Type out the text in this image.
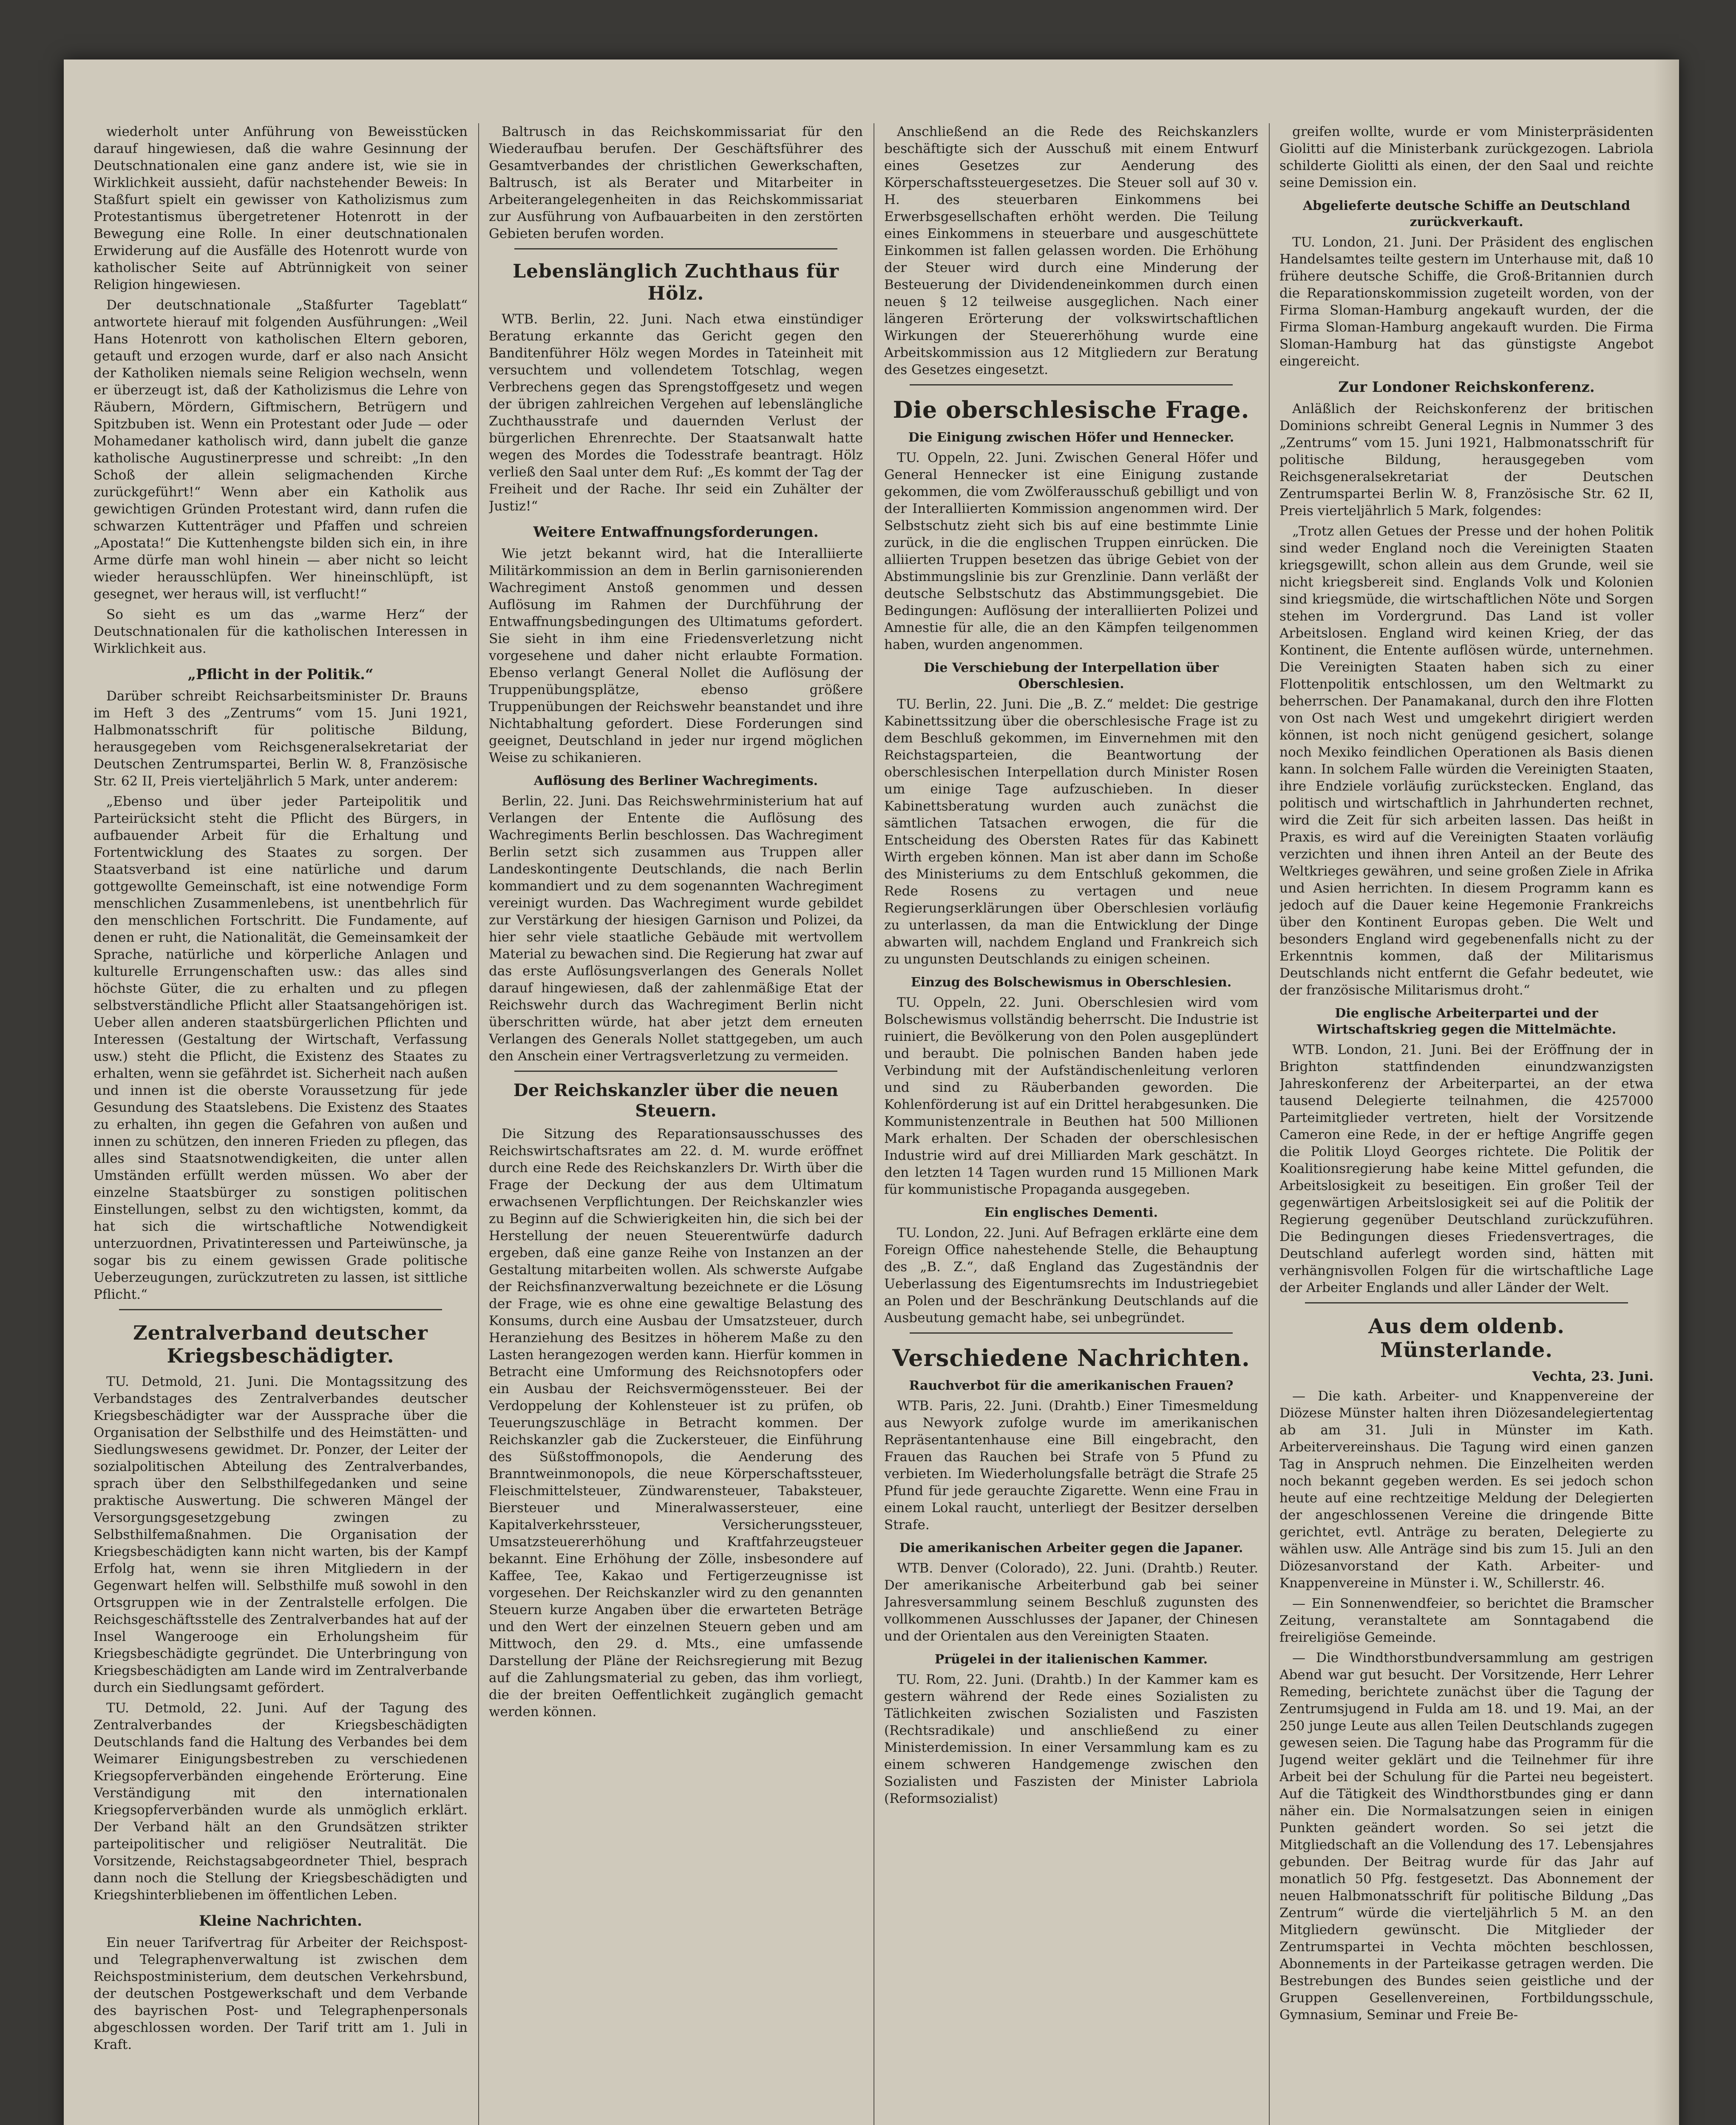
wiederholt unter Anführung von Beweisstücken darauf hingewiesen, daß die wahre Gesinnung der Deutschnationalen eine ganz andere ist, wie sie in Wirklichkeit aussieht, dafür nachstehender Beweis: In Staßfurt spielt ein gewisser von Katholizismus zum Protestantismus übergetretener Hotenrott in der Bewegung eine Rolle. In einer deutschnationalen Erwiderung auf die Ausfälle des Hotenrott wurde von katholischer Seite auf Abtrünnigkeit von seiner Religion hingewiesen.

Der deutschnationale „Staßfurter Tageblatt“ antwortete hierauf mit folgenden Ausführungen: „Weil Hans Hotenrott von katholischen Eltern geboren, getauft und erzogen wurde, darf er also nach Ansicht der Katholiken niemals seine Religion wechseln, wenn er überzeugt ist, daß der Katholizismus die Lehre von Räubern, Mördern, Giftmischern, Betrügern und Spitzbuben ist. Wenn ein Protestant oder Jude — oder Mohamedaner katholisch wird, dann jubelt die ganze katholische Augustinerpresse und schreibt: „In den Schoß der allein seligmachenden Kirche zurückgeführt!“ Wenn aber ein Katholik aus gewichtigen Gründen Protestant wird, dann rufen die schwarzen Kuttenträger und Pfaffen und schreien „Apostata!“ Die Kuttenhengste bilden sich ein, in ihre Arme dürfe man wohl hinein — aber nicht so leicht wieder herausschlüpfen. Wer hineinschlüpft, ist gesegnet, wer heraus will, ist verflucht!“

So sieht es um das „warme Herz“ der Deutschnationalen für die katholischen Interessen in Wirklichkeit aus.

„Pflicht in der Politik.“

Darüber schreibt Reichsarbeitsminister Dr. Brauns im Heft 3 des „Zentrums“ vom 15. Juni 1921, Halbmonatsschrift für politische Bildung, herausgegeben vom Reichsgeneralsekretariat der Deutschen Zentrumspartei, Berlin W. 8, Französische Str. 62 II, Preis vierteljährlich 5 Mark, unter anderem:

„Ebenso und über jeder Parteipolitik und Parteirücksicht steht die Pflicht des Bürgers, in aufbauender Arbeit für die Erhaltung und Fortentwicklung des Staates zu sorgen. Der Staatsverband ist eine natürliche und darum gottgewollte Gemeinschaft, ist eine notwendige Form menschlichen Zusammenlebens, ist unentbehrlich für den menschlichen Fortschritt. Die Fundamente, auf denen er ruht, die Nationalität, die Gemeinsamkeit der Sprache, natürliche und körperliche Anlagen und kulturelle Errungenschaften usw.: das alles sind höchste Güter, die zu erhalten und zu pflegen selbstverständliche Pflicht aller Staatsangehörigen ist. Ueber allen anderen staatsbürgerlichen Pflichten und Interessen (Gestaltung der Wirtschaft, Verfassung usw.) steht die Pflicht, die Existenz des Staates zu erhalten, wenn sie gefährdet ist. Sicherheit nach außen und innen ist die oberste Voraussetzung für jede Gesundung des Staatslebens. Die Existenz des Staates zu erhalten, ihn gegen die Gefahren von außen und innen zu schützen, den inneren Frieden zu pflegen, das alles sind Staatsnotwendigkeiten, die unter allen Umständen erfüllt werden müssen. Wo aber der einzelne Staatsbürger zu sonstigen politischen Einstellungen, selbst zu den wichtigsten, kommt, da hat sich die wirtschaftliche Notwendigkeit unterzuordnen, Privatinteressen und Parteiwünsche, ja sogar bis zu einem gewissen Grade politische Ueberzeugungen, zurückzutreten zu lassen, ist sittliche Pflicht.“

Zentralverband deutscher Kriegsbeschädigter.

TU. Detmold, 21. Juni. Die Montagssitzung des Verbandstages des Zentralverbandes deutscher Kriegsbeschädigter war der Aussprache über die Organisation der Selbsthilfe und des Heimstätten- und Siedlungswesens gewidmet. Dr. Ponzer, der Leiter der sozialpolitischen Abteilung des Zentralverbandes, sprach über den Selbsthilfegedanken und seine praktische Auswertung. Die schweren Mängel der Versorgungsgesetzgebung zwingen zu Selbsthilfemaßnahmen. Die Organisation der Kriegsbeschädigten kann nicht warten, bis der Kampf Erfolg hat, wenn sie ihren Mitgliedern in der Gegenwart helfen will. Selbsthilfe muß sowohl in den Ortsgruppen wie in der Zentralstelle erfolgen. Die Reichsgeschäftsstelle des Zentralverbandes hat auf der Insel Wangerooge ein Erholungsheim für Kriegsbeschädigte gegründet. Die Unterbringung von Kriegsbeschädigten am Lande wird im Zentralverbande durch ein Siedlungsamt gefördert.

TU. Detmold, 22. Juni. Auf der Tagung des Zentralverbandes der Kriegsbeschädigten Deutschlands fand die Haltung des Verbandes bei dem Weimarer Einigungsbestreben zu verschiedenen Kriegsopferverbänden eingehende Erörterung. Eine Verständigung mit den internationalen Kriegsopferverbänden wurde als unmöglich erklärt. Der Verband hält an den Grundsätzen strikter parteipolitischer und religiöser Neutralität. Die Vorsitzende, Reichstagsabgeordneter Thiel, besprach dann noch die Stellung der Kriegsbeschädigten und Kriegshinterbliebenen im öffentlichen Leben.

Kleine Nachrichten.

Ein neuer Tarifvertrag für Arbeiter der Reichspost- und Telegraphenverwaltung ist zwischen dem Reichspostministerium, dem deutschen Verkehrsbund, der deutschen Postgewerkschaft und dem Verbande des bayrischen Post- und Telegraphenpersonals abgeschlossen worden. Der Tarif tritt am 1. Juli in Kraft.

Baltrusch in das Reichskommissariat für den Wiederaufbau berufen. Der Geschäftsführer des Gesamtverbandes der christlichen Gewerkschaften, Baltrusch, ist als Berater und Mitarbeiter in Arbeiterangelegenheiten in das Reichskommissariat zur Ausführung von Aufbauarbeiten in den zerstörten Gebieten berufen worden.

Lebenslänglich Zuchthaus für Hölz.

WTB. Berlin, 22. Juni. Nach etwa einstündiger Beratung erkannte das Gericht gegen den Banditenführer Hölz wegen Mordes in Tateinheit mit versuchtem und vollendetem Totschlag, wegen Verbrechens gegen das Sprengstoffgesetz und wegen der übrigen zahlreichen Vergehen auf lebenslängliche Zuchthausstrafe und dauernden Verlust der bürgerlichen Ehrenrechte. Der Staatsanwalt hatte wegen des Mordes die Todesstrafe beantragt. Hölz verließ den Saal unter dem Ruf: „Es kommt der Tag der Freiheit und der Rache. Ihr seid ein Zuhälter der Justiz!“

Weitere Entwaffnungsforderungen.

Wie jetzt bekannt wird, hat die Interalliierte Militärkommission an dem in Berlin garnisonierenden Wachregiment Anstoß genommen und dessen Auflösung im Rahmen der Durchführung der Entwaffnungsbedingungen des Ultimatums gefordert. Sie sieht in ihm eine Friedensverletzung nicht vorgesehene und daher nicht erlaubte Formation. Ebenso verlangt General Nollet die Auflösung der Truppenübungsplätze, ebenso größere Truppenübungen der Reichswehr beanstandet und ihre Nichtabhaltung gefordert. Diese Forderungen sind geeignet, Deutschland in jeder nur irgend möglichen Weise zu schikanieren.

Auflösung des Berliner Wachregiments.

Berlin, 22. Juni. Das Reichswehrministerium hat auf Verlangen der Entente die Auflösung des Wachregiments Berlin beschlossen. Das Wachregiment Berlin setzt sich zusammen aus Truppen aller Landeskontingente Deutschlands, die nach Berlin kommandiert und zu dem sogenannten Wachregiment vereinigt wurden. Das Wachregiment wurde gebildet zur Verstärkung der hiesigen Garnison und Polizei, da hier sehr viele staatliche Gebäude mit wertvollem Material zu bewachen sind. Die Regierung hat zwar auf das erste Auflösungsverlangen des Generals Nollet darauf hingewiesen, daß der zahlenmäßige Etat der Reichswehr durch das Wachregiment Berlin nicht überschritten würde, hat aber jetzt dem erneuten Verlangen des Generals Nollet stattgegeben, um auch den Anschein einer Vertragsverletzung zu vermeiden.

Der Reichskanzler über die neuen Steuern.

Die Sitzung des Reparationsausschusses des Reichswirtschaftsrates am 22. d. M. wurde eröffnet durch eine Rede des Reichskanzlers Dr. Wirth über die Frage der Deckung der aus dem Ultimatum erwachsenen Verpflichtungen. Der Reichskanzler wies zu Beginn auf die Schwierigkeiten hin, die sich bei der Herstellung der neuen Steuerentwürfe dadurch ergeben, daß eine ganze Reihe von Instanzen an der Gestaltung mitarbeiten wollen. Als schwerste Aufgabe der Reichsfinanzverwaltung bezeichnete er die Lösung der Frage, wie es ohne eine gewaltige Belastung des Konsums, durch eine Ausbau der Umsatzsteuer, durch Heranziehung des Besitzes in höherem Maße zu den Lasten herangezogen werden kann. Hierfür kommen in Betracht eine Umformung des Reichsnotopfers oder ein Ausbau der Reichsvermögenssteuer. Bei der Verdoppelung der Kohlensteuer ist zu prüfen, ob Teuerungszuschläge in Betracht kommen. Der Reichskanzler gab die Zuckersteuer, die Einführung des Süßstoffmonopols, die Aenderung des Branntweinmonopols, die neue Körperschaftssteuer, Fleischmittelsteuer, Zündwarensteuer, Tabaksteuer, Biersteuer und Mineralwassersteuer, eine Kapitalverkehrssteuer, Versicherungssteuer, Umsatzsteuererhöhung und Kraftfahrzeugsteuer bekannt. Eine Erhöhung der Zölle, insbesondere auf Kaffee, Tee, Kakao und Fertigerzeugnisse ist vorgesehen. Der Reichskanzler wird zu den genannten Steuern kurze Angaben über die erwarteten Beträge und den Wert der einzelnen Steuern geben und am Mittwoch, den 29. d. Mts., eine umfassende Darstellung der Pläne der Reichsregierung mit Bezug auf die Zahlungsmaterial zu geben, das ihm vorliegt, die der breiten Oeffentlichkeit zugänglich gemacht werden können.

Anschließend an die Rede des Reichskanzlers beschäftigte sich der Ausschuß mit einem Entwurf eines Gesetzes zur Aenderung des Körperschaftssteuergesetzes. Die Steuer soll auf 30 v. H. des steuerbaren Einkommens bei Erwerbsgesellschaften erhöht werden. Die Teilung eines Einkommens in steuerbare und ausgeschüttete Einkommen ist fallen gelassen worden. Die Erhöhung der Steuer wird durch eine Minderung der Besteuerung der Dividendeneinkommen durch einen neuen § 12 teilweise ausgeglichen. Nach einer längeren Erörterung der volkswirtschaftlichen Wirkungen der Steuererhöhung wurde eine Arbeitskommission aus 12 Mitgliedern zur Beratung des Gesetzes eingesetzt.

Die oberschlesische Frage.
Die Einigung zwischen Höfer und Hennecker.

TU. Oppeln, 22. Juni. Zwischen General Höfer und General Hennecker ist eine Einigung zustande gekommen, die vom Zwölferausschuß gebilligt und von der Interalliierten Kommission angenommen wird. Der Selbstschutz zieht sich bis auf eine bestimmte Linie zurück, in die die englischen Truppen einrücken. Die alliierten Truppen besetzen das übrige Gebiet von der Abstimmungslinie bis zur Grenzlinie. Dann verläßt der deutsche Selbstschutz das Abstimmungsgebiet. Die Bedingungen: Auflösung der interalliierten Polizei und Amnestie für alle, die an den Kämpfen teilgenommen haben, wurden angenommen.

Die Verschiebung der Interpellation über Oberschlesien.

TU. Berlin, 22. Juni. Die „B. Z.“ meldet: Die gestrige Kabinettssitzung über die oberschlesische Frage ist zu dem Beschluß gekommen, im Einvernehmen mit den Reichstagsparteien, die Beantwortung der oberschlesischen Interpellation durch Minister Rosen um einige Tage aufzuschieben. In dieser Kabinettsberatung wurden auch zunächst die sämtlichen Tatsachen erwogen, die für die Entscheidung des Obersten Rates für das Kabinett Wirth ergeben können. Man ist aber dann im Schoße des Ministeriums zu dem Entschluß gekommen, die Rede Rosens zu vertagen und neue Regierungserklärungen über Oberschlesien vorläufig zu unterlassen, da man die Entwicklung der Dinge abwarten will, nachdem England und Frankreich sich zu ungunsten Deutschlands zu einigen scheinen.

Einzug des Bolschewismus in Oberschlesien.

TU. Oppeln, 22. Juni. Oberschlesien wird vom Bolschewismus vollständig beherrscht. Die Industrie ist ruiniert, die Bevölkerung von den Polen ausgeplündert und beraubt. Die polnischen Banden haben jede Verbindung mit der Aufständischenleitung verloren und sind zu Räuberbanden geworden. Die Kohlenförderung ist auf ein Drittel herabgesunken. Die Kommunistenzentrale in Beuthen hat 500 Millionen Mark erhalten. Der Schaden der oberschlesischen Industrie wird auf drei Milliarden Mark geschätzt. In den letzten 14 Tagen wurden rund 15 Millionen Mark für kommunistische Propaganda ausgegeben.

Ein englisches Dementi.

TU. London, 22. Juni. Auf Befragen erklärte eine dem Foreign Office nahestehende Stelle, die Behauptung des „B. Z.“, daß England das Zugeständnis der Ueberlassung des Eigentumsrechts im Industriegebiet an Polen und der Beschränkung Deutschlands auf die Ausbeutung gemacht habe, sei unbegründet.

Verschiedene Nachrichten.
Rauchverbot für die amerikanischen Frauen?

WTB. Paris, 22. Juni. (Drahtb.) Einer Timesmeldung aus Newyork zufolge wurde im amerikanischen Repräsentantenhause eine Bill eingebracht, den Frauen das Rauchen bei Strafe von 5 Pfund zu verbieten. Im Wiederholungsfalle beträgt die Strafe 25 Pfund für jede gerauchte Zigarette. Wenn eine Frau in einem Lokal raucht, unterliegt der Besitzer derselben Strafe.

Die amerikanischen Arbeiter gegen die Japaner.

WTB. Denver (Colorado), 22. Juni. (Drahtb.) Reuter. Der amerikanische Arbeiterbund gab bei seiner Jahresversammlung seinem Beschluß zugunsten des vollkommenen Ausschlusses der Japaner, der Chinesen und der Orientalen aus den Vereinigten Staaten.

Prügelei in der italienischen Kammer.

TU. Rom, 22. Juni. (Drahtb.) In der Kammer kam es gestern während der Rede eines Sozialisten zu Tätlichkeiten zwischen Sozialisten und Faszisten (Rechtsradikale) und anschließend zu einer Ministerdemission. In einer Versammlung kam es zu einem schweren Handgemenge zwischen den Sozialisten und Faszisten der Minister Labriola (Reformsozialist)

greifen wollte, wurde er vom Ministerpräsidenten Giolitti auf die Ministerbank zurückgezogen. Labriola schilderte Giolitti als einen, der den Saal und reichte seine Demission ein.

Abgelieferte deutsche Schiffe an Deutschland zurückverkauft.

TU. London, 21. Juni. Der Präsident des englischen Handelsamtes teilte gestern im Unterhause mit, daß 10 frühere deutsche Schiffe, die Groß-Britannien durch die Reparationskommission zugeteilt worden, von der Firma Sloman-Hamburg angekauft wurden, der die Firma Sloman-Hamburg angekauft wurden. Die Firma Sloman-Hamburg hat das günstigste Angebot eingereicht.

Zur Londoner Reichskonferenz.

Anläßlich der Reichskonferenz der britischen Dominions schreibt General Legnis in Nummer 3 des „Zentrums“ vom 15. Juni 1921, Halbmonatsschrift für politische Bildung, herausgegeben vom Reichsgeneralsekretariat der Deutschen Zentrumspartei Berlin W. 8, Französische Str. 62 II, Preis vierteljährlich 5 Mark, folgendes:

„Trotz allen Getues der Presse und der hohen Politik sind weder England noch die Vereinigten Staaten kriegsgewillt, schon allein aus dem Grunde, weil sie nicht kriegsbereit sind. Englands Volk und Kolonien sind kriegsmüde, die wirtschaftlichen Nöte und Sorgen stehen im Vordergrund. Das Land ist voller Arbeitslosen. England wird keinen Krieg, der das Kontinent, die Entente auflösen würde, unternehmen. Die Vereinigten Staaten haben sich zu einer Flottenpolitik entschlossen, um den Weltmarkt zu beherrschen. Der Panamakanal, durch den ihre Flotten von Ost nach West und umgekehrt dirigiert werden können, ist noch nicht genügend gesichert, solange noch Mexiko feindlichen Operationen als Basis dienen kann. In solchem Falle würden die Vereinigten Staaten, ihre Endziele vorläufig zurückstecken. England, das politisch und wirtschaftlich in Jahrhunderten rechnet, wird die Zeit für sich arbeiten lassen. Das heißt in Praxis, es wird auf die Vereinigten Staaten vorläufig verzichten und ihnen ihren Anteil an der Beute des Weltkrieges gewähren, und seine großen Ziele in Afrika und Asien herrichten. In diesem Programm kann es jedoch auf die Dauer keine Hegemonie Frankreichs über den Kontinent Europas geben. Die Welt und besonders England wird gegebenenfalls nicht zu der Erkenntnis kommen, daß der Militarismus Deutschlands nicht entfernt die Gefahr bedeutet, wie der französische Militarismus droht.“

Die englische Arbeiterpartei und der Wirtschaftskrieg gegen die Mittelmächte.

WTB. London, 21. Juni. Bei der Eröffnung der in Brighton stattfindenden einundzwanzigsten Jahreskonferenz der Arbeiterpartei, an der etwa tausend Delegierte teilnahmen, die 4257000 Parteimitglieder vertreten, hielt der Vorsitzende Cameron eine Rede, in der er heftige Angriffe gegen die Politik Lloyd Georges richtete. Die Politik der Koalitionsregierung habe keine Mittel gefunden, die Arbeitslosigkeit zu beseitigen. Ein großer Teil der gegenwärtigen Arbeitslosigkeit sei auf die Politik der Regierung gegenüber Deutschland zurückzuführen. Die Bedingungen dieses Friedensvertrages, die Deutschland auferlegt worden sind, hätten mit verhängnisvollen Folgen für die wirtschaftliche Lage der Arbeiter Englands und aller Länder der Welt.

Aus dem oldenb. Münsterlande.
Vechta, 23. Juni.

— Die kath. Arbeiter- und Knappenvereine der Diözese Münster halten ihren Diözesandelegiertentag ab am 31. Juli in Münster im Kath. Arbeitervereinshaus. Die Tagung wird einen ganzen Tag in Anspruch nehmen. Die Einzelheiten werden noch bekannt gegeben werden. Es sei jedoch schon heute auf eine rechtzeitige Meldung der Delegierten der angeschlossenen Vereine die dringende Bitte gerichtet, evtl. Anträge zu beraten, Delegierte zu wählen usw. Alle Anträge sind bis zum 15. Juli an den Diözesanvorstand der Kath. Arbeiter- und Knappenvereine in Münster i. W., Schillerstr. 46.

— Ein Sonnenwendfeier, so berichtet die Bramscher Zeitung, veranstaltete am Sonntagabend die freireligiöse Gemeinde.

— Die Windthorstbundversammlung am gestrigen Abend war gut besucht. Der Vorsitzende, Herr Lehrer Remeding, berichtete zunächst über die Tagung der Zentrumsjugend in Fulda am 18. und 19. Mai, an der 250 junge Leute aus allen Teilen Deutschlands zugegen gewesen seien. Die Tagung habe das Programm für die Jugend weiter geklärt und die Teilnehmer für ihre Arbeit bei der Schulung für die Partei neu begeistert. Auf die Tätigkeit des Windthorstbundes ging er dann näher ein. Die Normalsatzungen seien in einigen Punkten geändert worden. So sei jetzt die Mitgliedschaft an die Vollendung des 17. Lebensjahres gebunden. Der Beitrag wurde für das Jahr auf monatlich 50 Pfg. festgesetzt. Das Abonnement der neuen Halbmonatsschrift für politische Bildung „Das Zentrum“ würde die vierteljährlich 5 M. an den Mitgliedern gewünscht. Die Mitglieder der Zentrumspartei in Vechta möchten beschlossen, Abonnements in der Parteikasse getragen werden. Die Bestrebungen des Bundes seien geistliche und der Gruppen Gesellenvereinen, Fortbildungsschule, Gymnasium, Seminar und Freie Be-
